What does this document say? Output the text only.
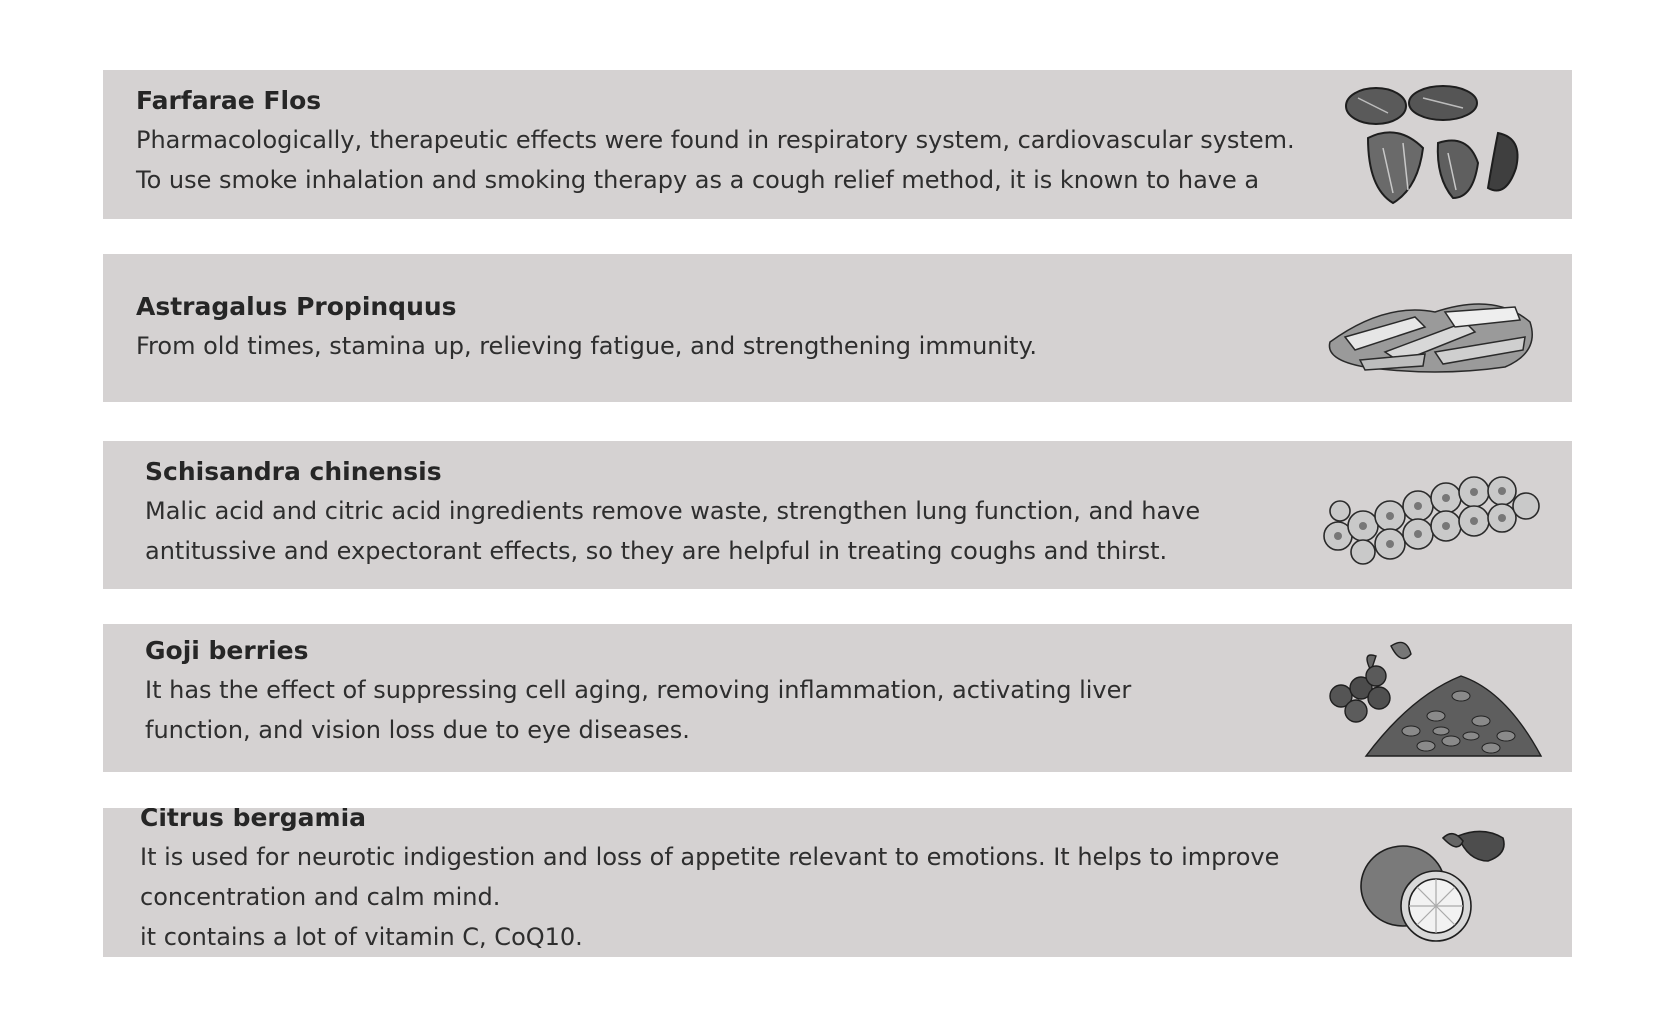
Farfarae Flos

Pharmacologically, therapeutic effects were found in respiratory system, cardiovascular system.
To use smoke inhalation and smoking therapy as a cough relief method, it is known to have a

Astragalus Propinquus

From old times, stamina up, relieving fatigue, and strengthening immunity.

Schisandra chinensis

Malic acid and citric acid ingredients remove waste, strengthen lung function, and have
antitussive and expectorant effects, so they are helpful in treating coughs and thirst.

Goji berries

It has the effect of suppressing cell aging, removing inflammation, activating liver
function, and vision loss due to eye diseases.

Citrus bergamia

It is used for neurotic indigestion and loss of appetite relevant to emotions. It helps to improve
concentration and calm mind.
it contains a lot of vitamin C, CoQ10.
